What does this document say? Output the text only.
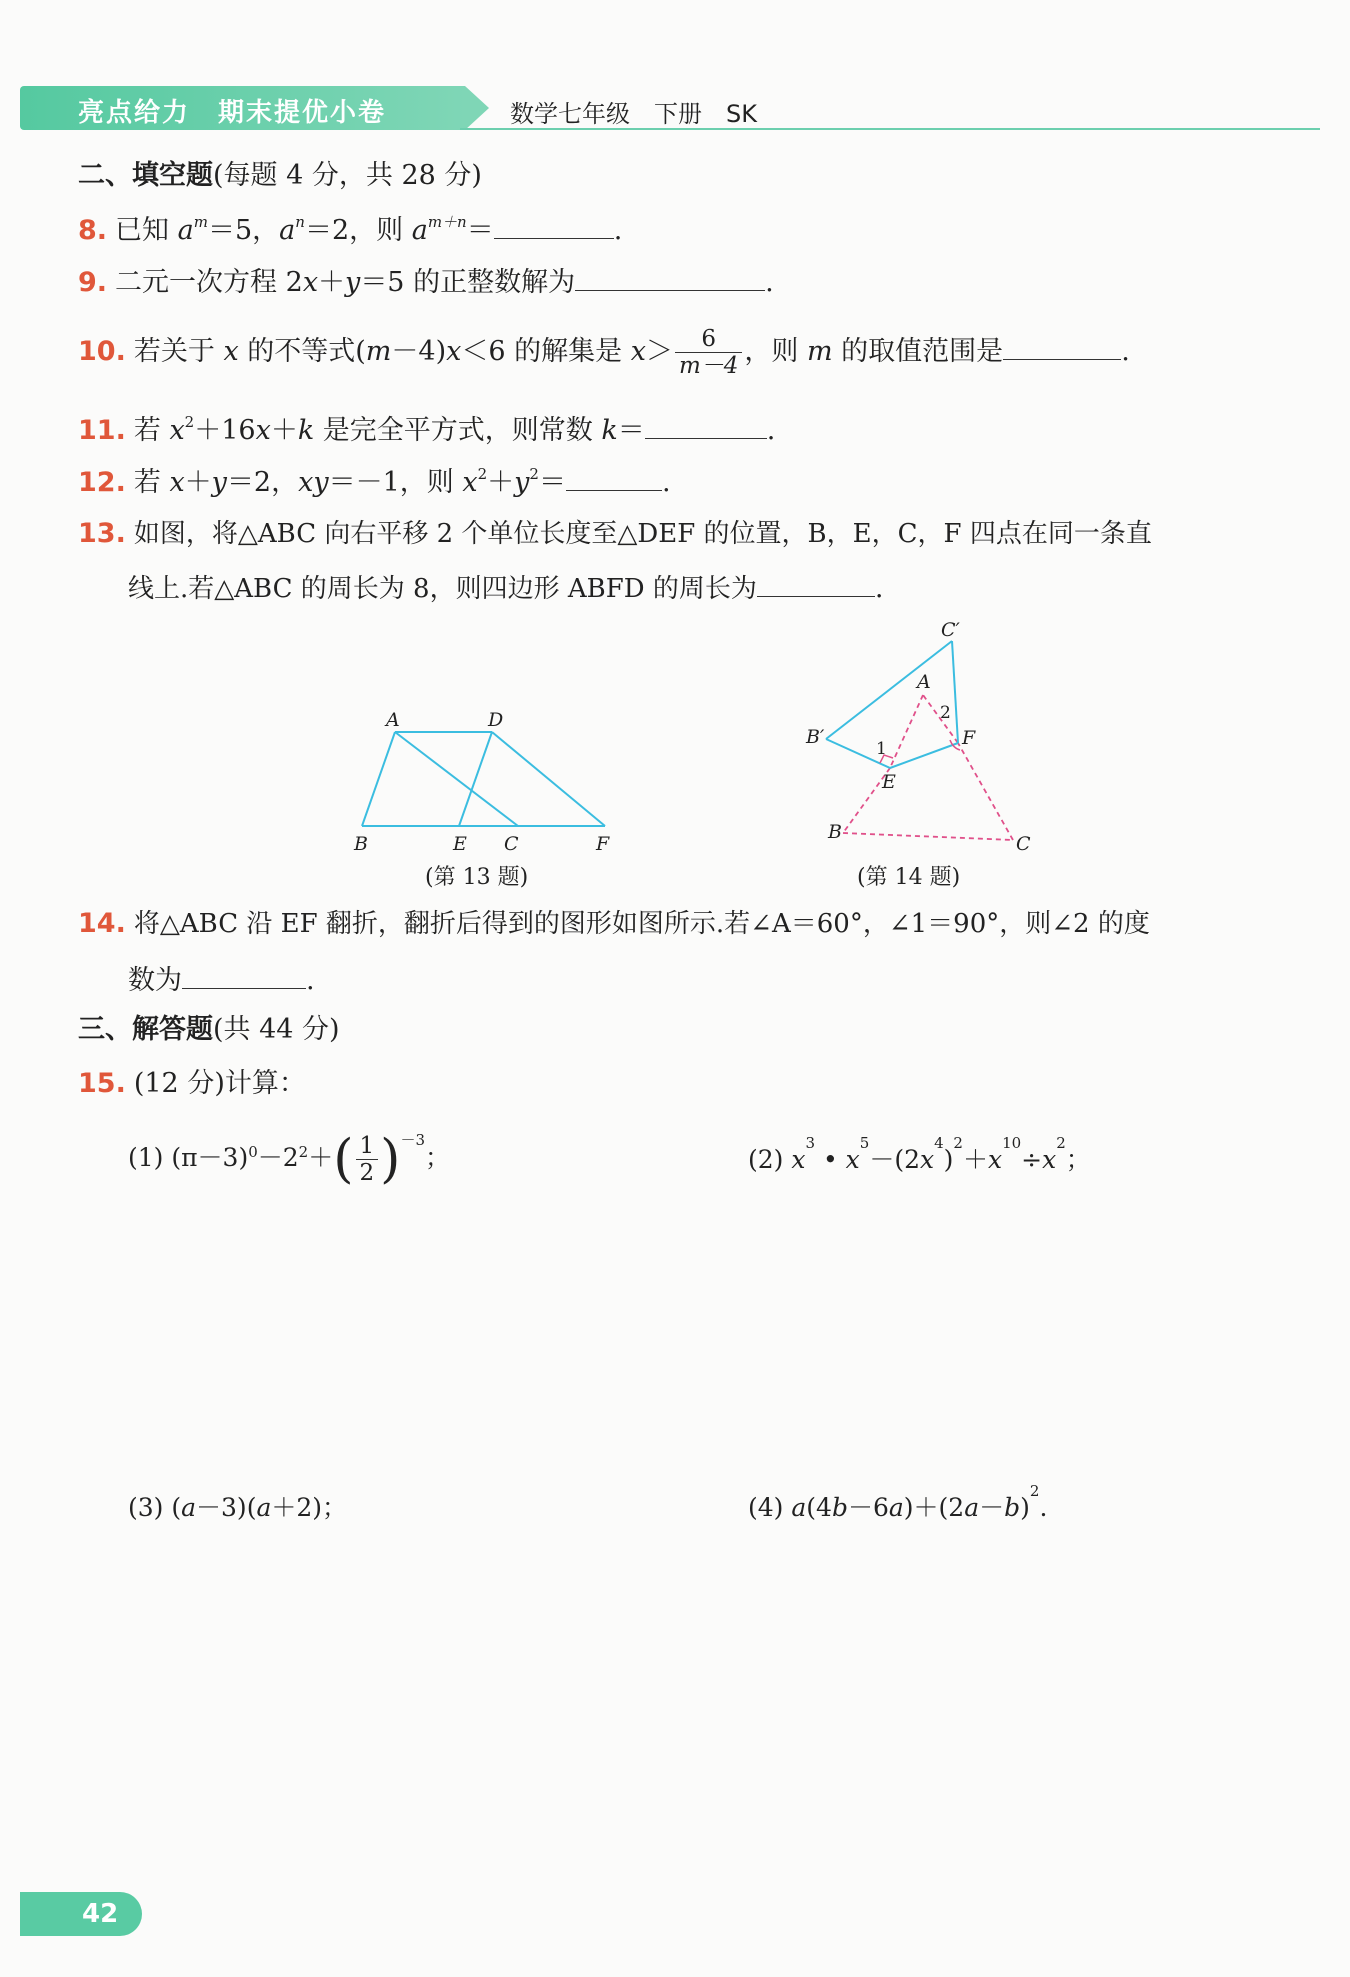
亮点给力　期末提优小卷	数学七年级　下册　SK
二、填空题(每题 4 分，共 28 分)
8. 已知 $a^m=5$，$a^n=2$，则 $a^{m+n}=$	.
9. 二元一次方程 2x＋y＝5 的正整数解为	.
10. 若关于 x 的不等式(m－4)x＜6 的解集是 $x> \frac{6}{m-4}$ ，则 m 的取值范围是	.
11. 若 $x^2+16x+k$ 是完全平方式，则常数 k＝	.
12. 若 x＋y＝2，xy＝－1，则 $x^2+y^2=$	.
13. 如图，将△ABC 向右平移 2 个单位长度至△DEF 的位置，B，E，C，F 四点在同一条直
线上.若△ABC 的周长为 8，则四边形 ABFD 的周长为	.
A	D
B	E C	F
(第 13 题)
C′
A
2
B′	F
1
E
B
C
(第 14 题)
14. 将△ABC 沿 EF 翻折，翻折后得到的图形如图所示.若∠A＝60°，∠1＝90°，则∠2 的度
数为	.
三、解答题(共 44 分)
15. (12 分)计算：
(1) $(\pi-3)^0-2^2+( \frac{1}{2} )^{-3}$；	(2) $x^3$ • $x^5-(2x^4)^2+x^{10}\div x^2$；
(3) (a－3)(a＋2)；	(4) $a(4b-6a)+(2a-b)^2$.
42
